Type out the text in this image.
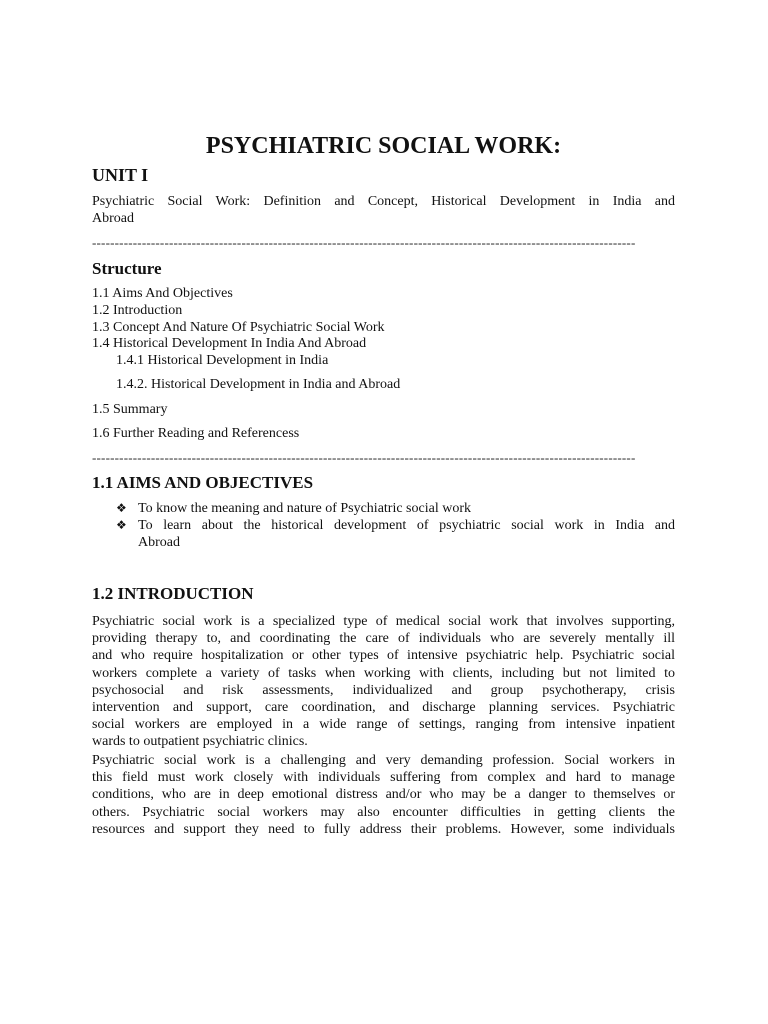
PSYCHIATRIC SOCIAL WORK:
UNIT I
Psychiatric Social Work: Definition and Concept, Historical Development in India and
Abroad
------------------------------------------------------------------------------------------------------------------------
Structure
1.1 Aims And Objectives
1.2 Introduction
1.3 Concept And Nature Of Psychiatric Social Work
1.4 Historical Development In India And Abroad
1.4.1 Historical Development in India
1.4.2. Historical Development in India and Abroad
1.5 Summary
1.6 Further Reading and Referencess
------------------------------------------------------------------------------------------------------------------------
1.1 AIMS AND OBJECTIVES
❖ To know the meaning and nature of Psychiatric social work
❖ To learn about the historical development of psychiatric social work in India and
Abroad
1.2 INTRODUCTION
Psychiatric social work is a specialized type of medical social work that involves supporting,
providing therapy to, and coordinating the care of individuals who are severely mentally ill
and who require hospitalization or other types of intensive psychiatric help. Psychiatric social
workers complete a variety of tasks when working with clients, including but not limited to
psychosocial and risk assessments, individualized and group psychotherapy, crisis
intervention and support, care coordination, and discharge planning services. Psychiatric
social workers are employed in a wide range of settings, ranging from intensive inpatient
wards to outpatient psychiatric clinics.
Psychiatric social work is a challenging and very demanding profession. Social workers in
this field must work closely with individuals suffering from complex and hard to manage
conditions, who are in deep emotional distress and/or who may be a danger to themselves or
others. Psychiatric social workers may also encounter difficulties in getting clients the
resources and support they need to fully address their problems. However, some individuals
